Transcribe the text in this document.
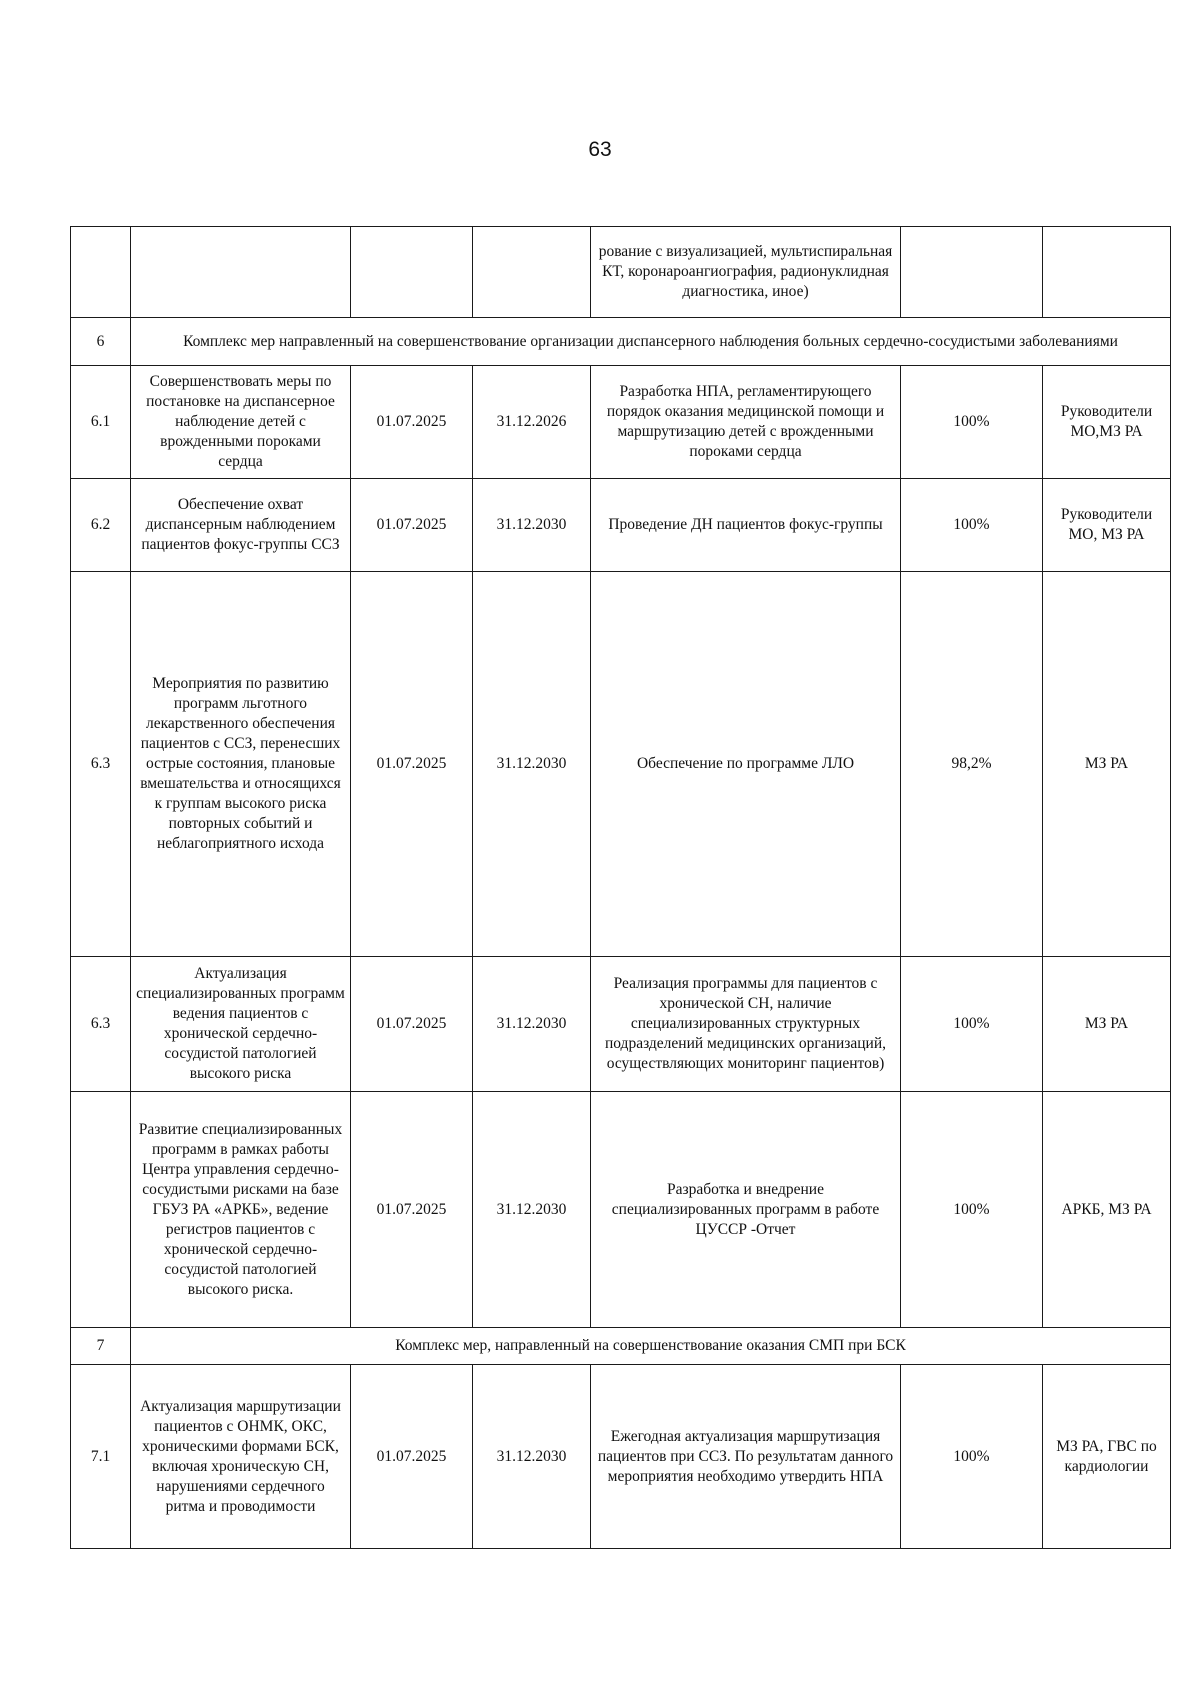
63
				рование с визуализацией, мультиспиральная КТ, коронароангиография, радионуклидная диагностика, иное)		
6	Комплекс мер направленный на совершенствование организации диспансерного наблюдения больных сердечно-сосудистыми заболеваниями					
6.1	Совершенствовать меры по постановке на диспансерное наблюдение детей с врожденными пороками сердца	01.07.2025	31.12.2026	Разработка НПА, регламентирующего порядок оказания медицинской помощи и маршрутизацию детей с врожденными пороками сердца	100%	Руководители МО,МЗ РА
6.2	Обеспечение охват диспансерным наблюдением пациентов фокус-группы ССЗ	01.07.2025	31.12.2030	Проведение ДН пациентов фокус-группы	100%	Руководители МО, МЗ РА
6.3	Мероприятия по развитию программ льготного лекарственного обеспечения пациентов с ССЗ, перенесших острые состояния, плановые вмешательства и относящихся к группам высокого риска повторных событий и неблагоприятного исхода	01.07.2025	31.12.2030	Обеспечение по программе ЛЛО	98,2%	МЗ РА
6.3	Актуализация специализированных программ ведения пациентов с хронической сердечно-сосудистой патологией высокого риска	01.07.2025	31.12.2030	Реализация программы для пациентов с хронической СН, наличие специализированных структурных подразделений медицинских организаций, осуществляющих мониторинг пациентов)	100%	МЗ РА
	Развитие специализированных программ в рамках работы Центра управления сердечно-сосудистыми рисками на базе ГБУЗ РА «АРКБ», ведение регистров пациентов с хронической сердечно-сосудистой патологией высокого риска.	01.07.2025	31.12.2030	Разработка и внедрение специализированных программ в работе ЦУССР -Отчет	100%	АРКБ, МЗ РА
7	Комплекс мер, направленный на совершенствование оказания СМП при БСК					
7.1	Актуализация маршрутизации пациентов с ОНМК, ОКС, хроническими формами БСК, включая хроническую СН, нарушениями сердечного ритма и проводимости	01.07.2025	31.12.2030	Ежегодная актуализация маршрутизация пациентов при ССЗ. По результатам данного мероприятия необходимо утвердить НПА	100%	МЗ РА, ГВС по кардиологии
